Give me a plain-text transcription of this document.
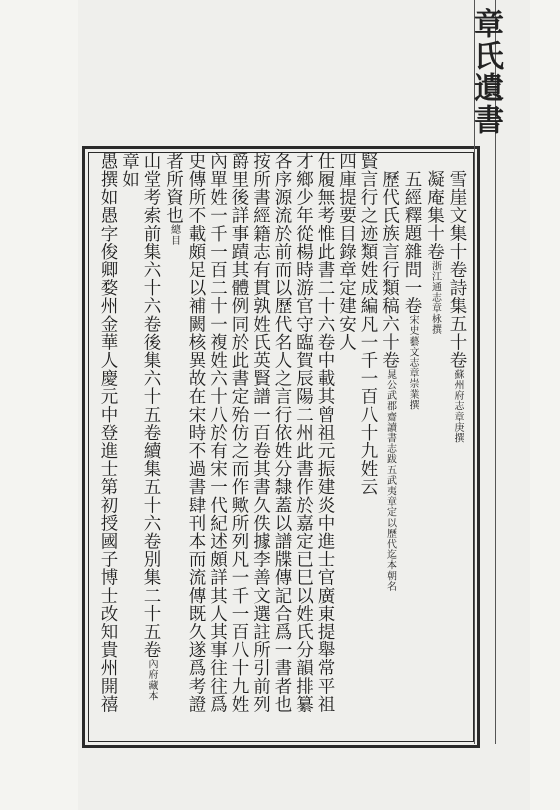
章氏遺書
雪崖文集十卷詩集五十卷蘇州府志章庚撰
凝庵集十卷浙江通志章栐撰
五經釋題雜問一卷宋史藝文志章崇業撰
歷代氏族言行類稿六十卷晁公武郡齋讀書志跋五武夷章定以歷代迄本朝名
賢言行之迹類姓成編凡一千一百八十九姓云
四庫提要目錄章定建安人
仕履無考惟此書二十六卷中載其曾祖元振建炎中進士官廣東提舉常平祖
才鄉少年從楊時游官守臨賀辰陽二州此書作於嘉定已巳以姓氏分韻排纂
各序源流於前而以歷代名人之言行依姓分隸蓋以譜牒傳記合爲一書者也
按所書經籍志有貫孰姓氏英賢譜一百卷其書久佚據李善文選註所引前列
爵里後詳事蹟其體例同於此書定殆仿之而作歟所列凡一千一百八十九姓
內單姓一千一百二十一複姓六十八於有宋一代紀述頗詳其人其事往往爲
史傳所不載頗足以補闕核異故在宋時不過書肆刊本而流傳既久遂爲考證
者所資也總目
山堂考索前集六十六卷後集六十五卷續集五十六卷別集二十五卷內府藏本
章如
愚撰如愚字俊卿婺州金華人慶元中登進士第初授國子博士改知貴州開禧
